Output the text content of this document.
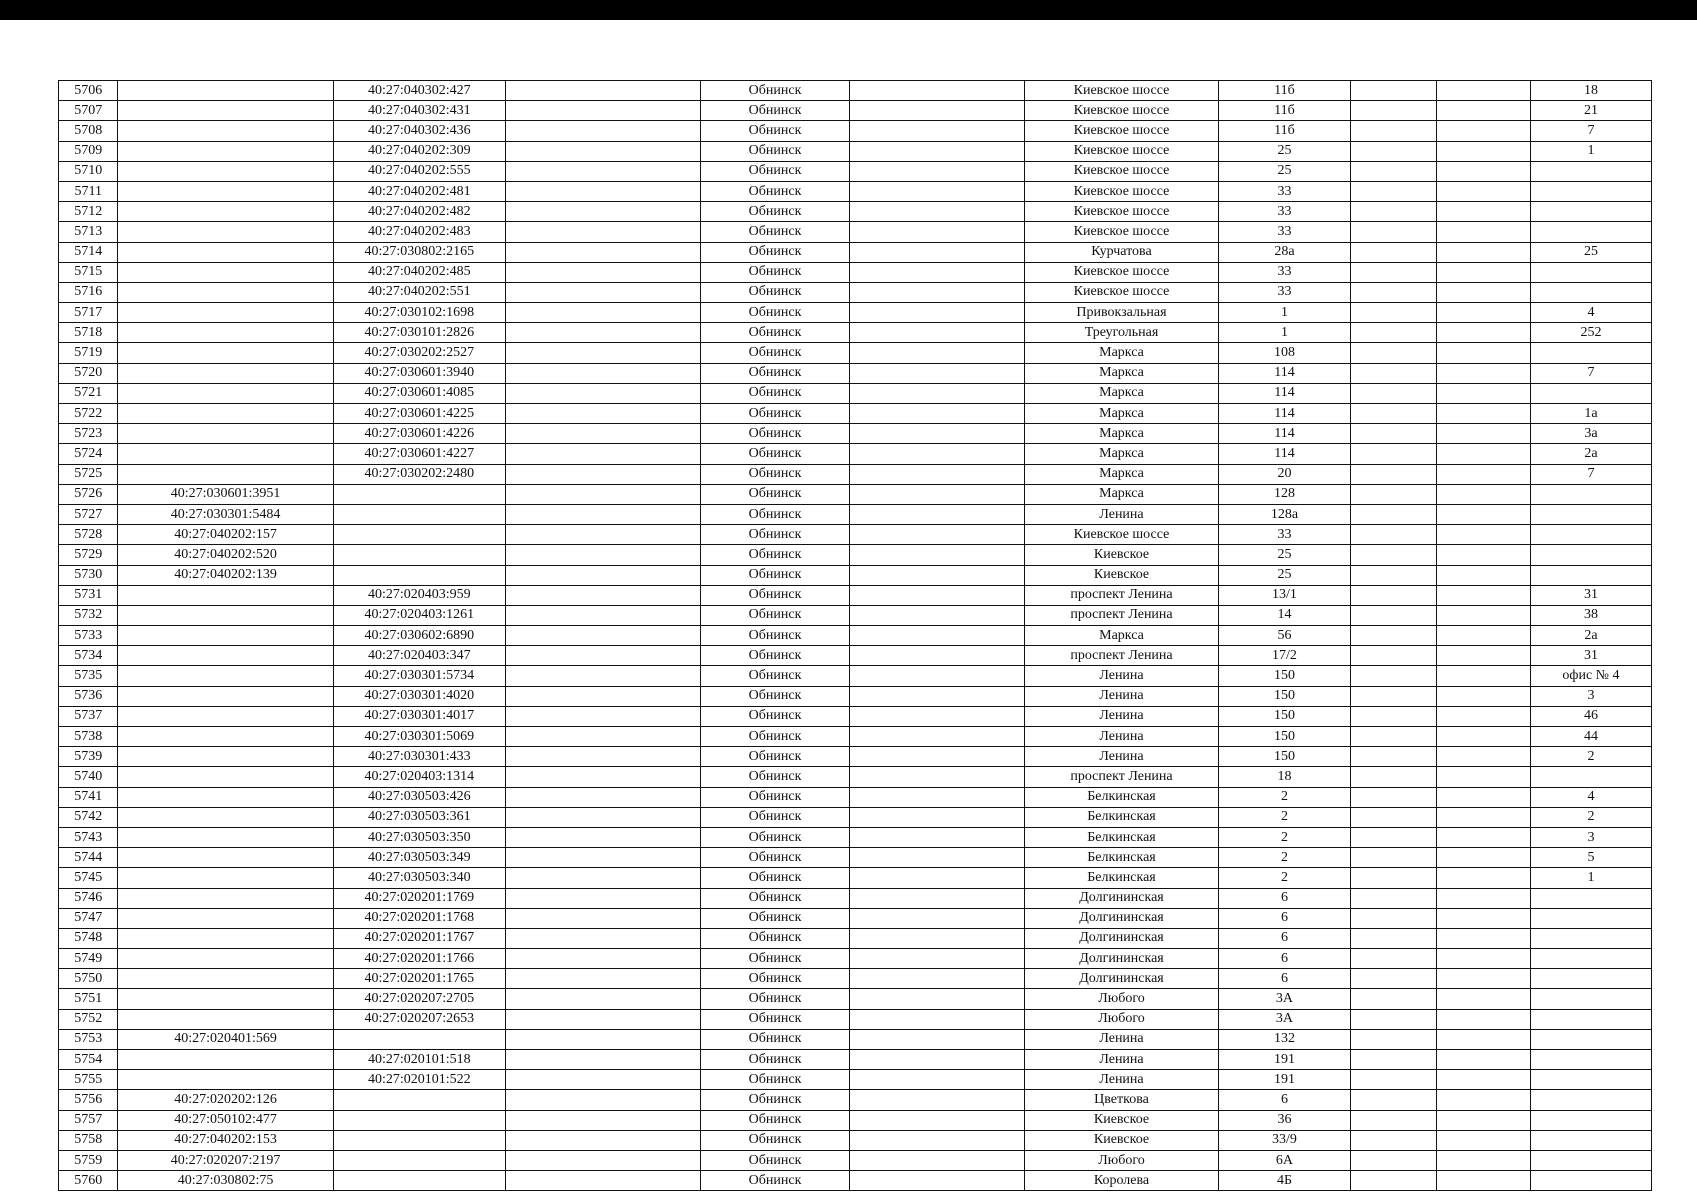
5706		40:27:040302:427		Обнинск		Киевское шоссе	11б			18
5707		40:27:040302:431		Обнинск		Киевское шоссе	11б			21
5708		40:27:040302:436		Обнинск		Киевское шоссе	11б			7
5709		40:27:040202:309		Обнинск		Киевское шоссе	25			1
5710		40:27:040202:555		Обнинск		Киевское шоссе	25			
5711		40:27:040202:481		Обнинск		Киевское шоссе	33			
5712		40:27:040202:482		Обнинск		Киевское шоссе	33			
5713		40:27:040202:483		Обнинск		Киевское шоссе	33			
5714		40:27:030802:2165		Обнинск		Курчатова	28а			25
5715		40:27:040202:485		Обнинск		Киевское шоссе	33			
5716		40:27:040202:551		Обнинск		Киевское шоссе	33			
5717		40:27:030102:1698		Обнинск		Привокзальная	1			4
5718		40:27:030101:2826		Обнинск		Треугольная	1			252
5719		40:27:030202:2527		Обнинск		Маркса	108			
5720		40:27:030601:3940		Обнинск		Маркса	114			7
5721		40:27:030601:4085		Обнинск		Маркса	114			
5722		40:27:030601:4225		Обнинск		Маркса	114			1а
5723		40:27:030601:4226		Обнинск		Маркса	114			3а
5724		40:27:030601:4227		Обнинск		Маркса	114			2а
5725		40:27:030202:2480		Обнинск		Маркса	20			7
5726	40:27:030601:3951			Обнинск		Маркса	128			
5727	40:27:030301:5484			Обнинск		Ленина	128а			
5728	40:27:040202:157			Обнинск		Киевское шоссе	33			
5729	40:27:040202:520			Обнинск		Киевское	25			
5730	40:27:040202:139			Обнинск		Киевское	25			
5731		40:27:020403:959		Обнинск		проспект Ленина	13/1			31
5732		40:27:020403:1261		Обнинск		проспект Ленина	14			38
5733		40:27:030602:6890		Обнинск		Маркса	56			2а
5734		40:27:020403:347		Обнинск		проспект Ленина	17/2			31
5735		40:27:030301:5734		Обнинск		Ленина	150			офис № 4
5736		40:27:030301:4020		Обнинск		Ленина	150			3
5737		40:27:030301:4017		Обнинск		Ленина	150			46
5738		40:27:030301:5069		Обнинск		Ленина	150			44
5739		40:27:030301:433		Обнинск		Ленина	150			2
5740		40:27:020403:1314		Обнинск		проспект Ленина	18			
5741		40:27:030503:426		Обнинск		Белкинская	2			4
5742		40:27:030503:361		Обнинск		Белкинская	2			2
5743		40:27:030503:350		Обнинск		Белкинская	2			3
5744		40:27:030503:349		Обнинск		Белкинская	2			5
5745		40:27:030503:340		Обнинск		Белкинская	2			1
5746		40:27:020201:1769		Обнинск		Долгининская	6			
5747		40:27:020201:1768		Обнинск		Долгининская	6			
5748		40:27:020201:1767		Обнинск		Долгининская	6			
5749		40:27:020201:1766		Обнинск		Долгининская	6			
5750		40:27:020201:1765		Обнинск		Долгининская	6			
5751		40:27:020207:2705		Обнинск		Любого	3А			
5752		40:27:020207:2653		Обнинск		Любого	3А			
5753	40:27:020401:569			Обнинск		Ленина	132			
5754		40:27:020101:518		Обнинск		Ленина	191			
5755		40:27:020101:522		Обнинск		Ленина	191			
5756	40:27:020202:126			Обнинск		Цветкова	6			
5757	40:27:050102:477			Обнинск		Киевское	36			
5758	40:27:040202:153			Обнинск		Киевское	33/9			
5759	40:27:020207:2197			Обнинск		Любого	6А			
5760	40:27:030802:75			Обнинск		Королева	4Б			
